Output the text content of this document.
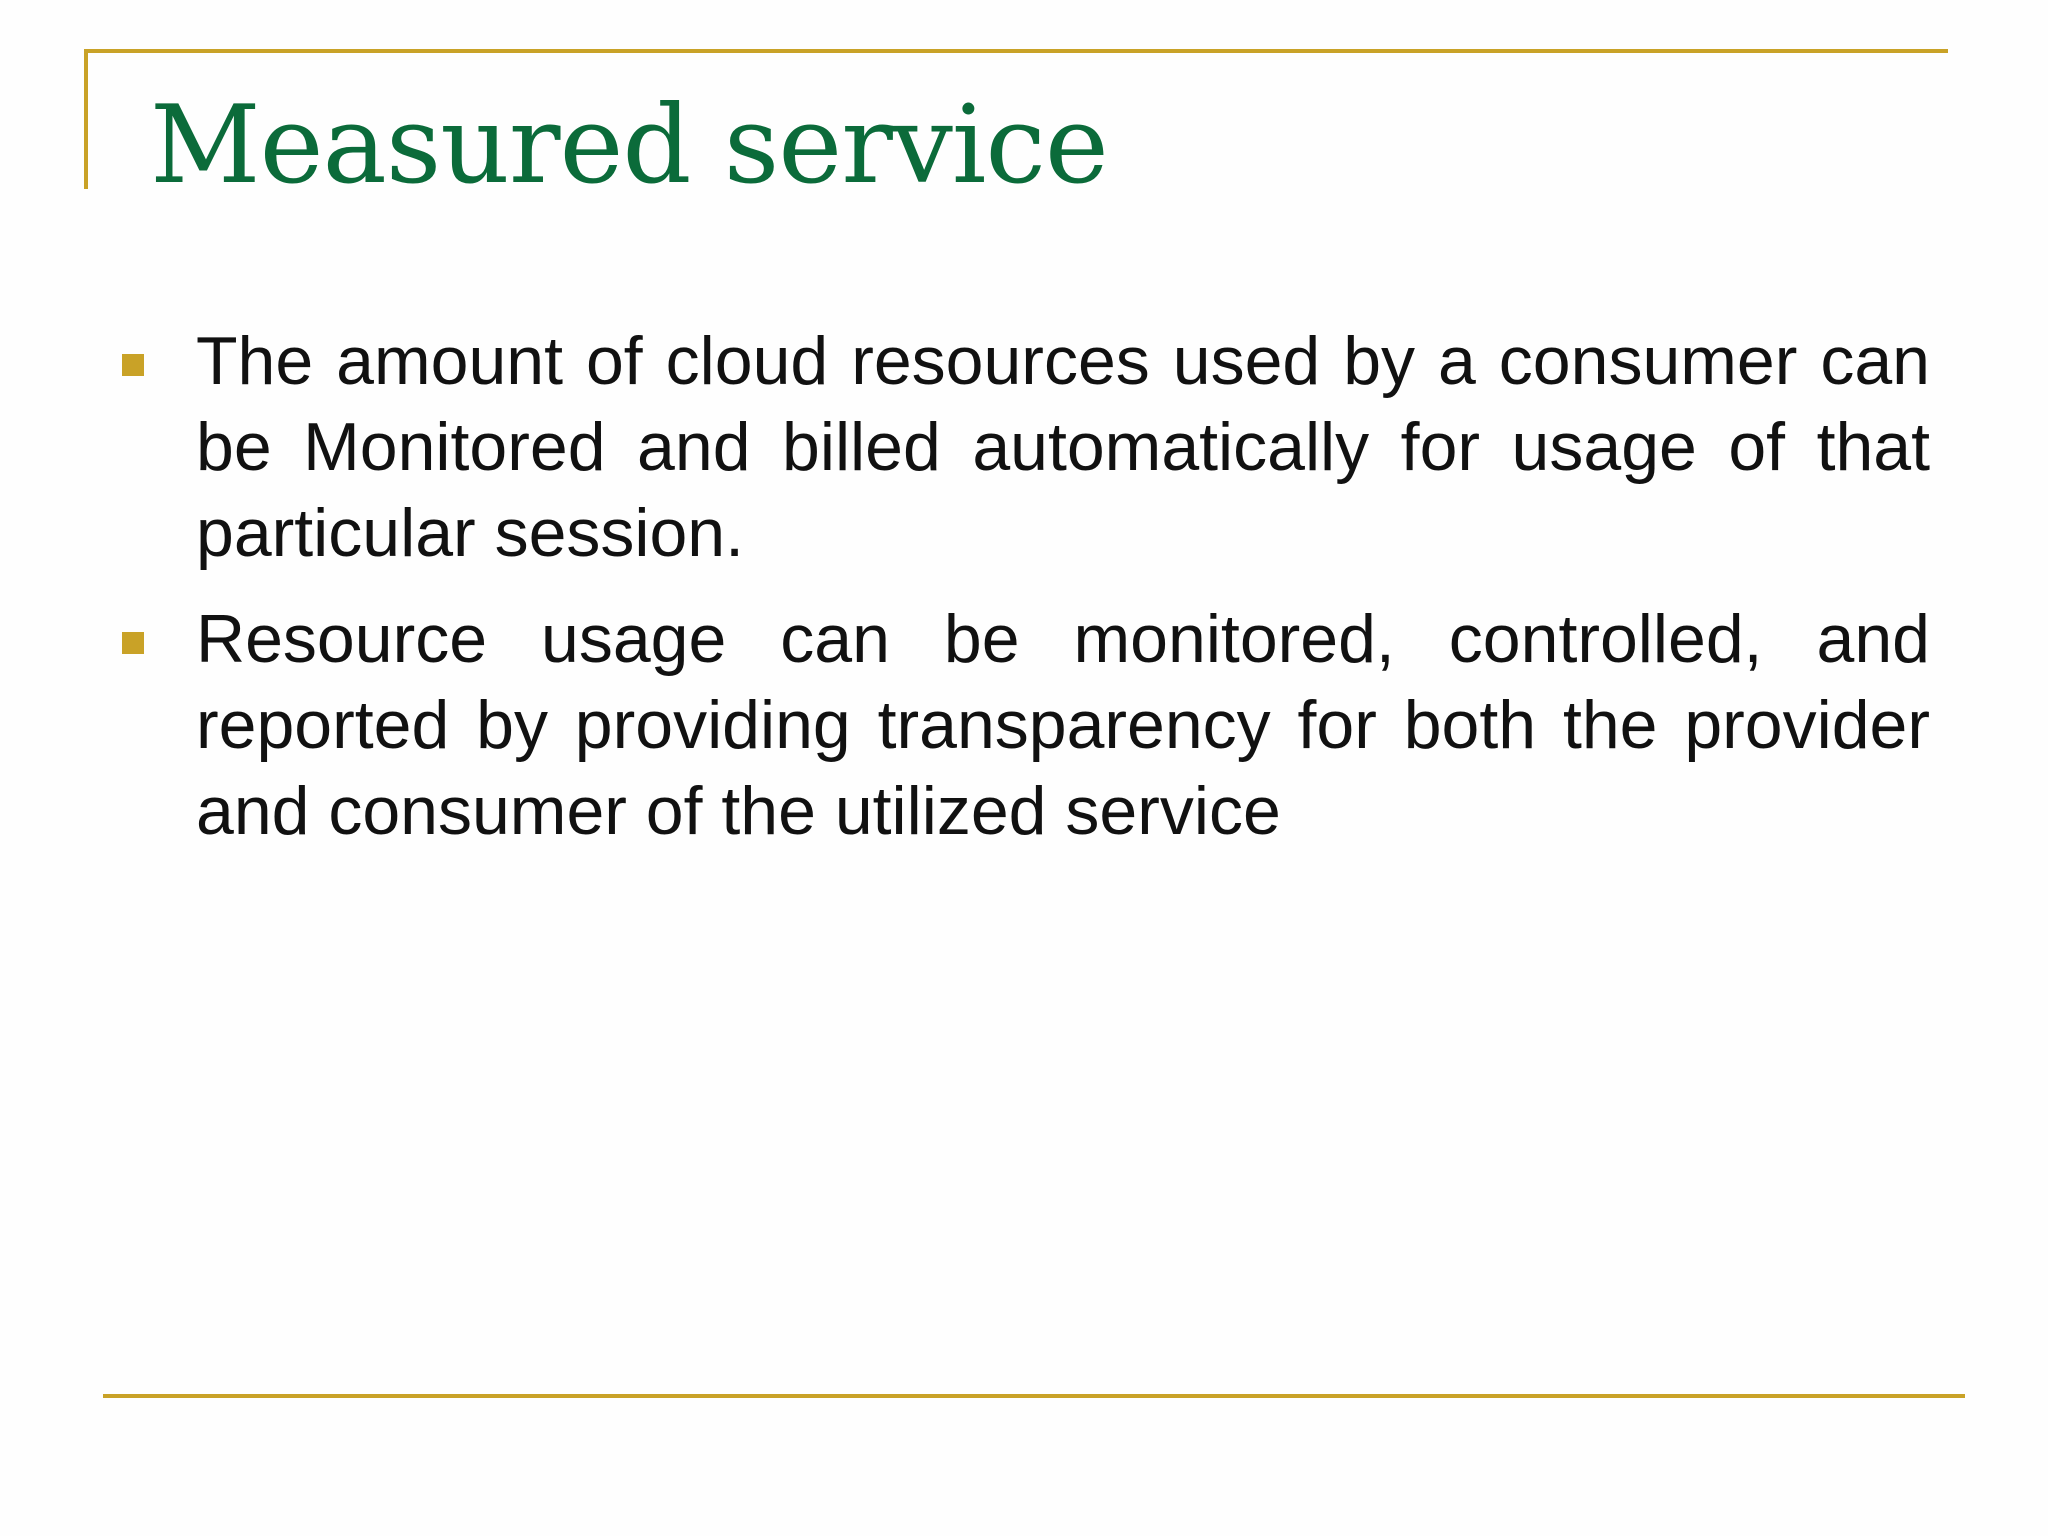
Measured service
The amount of cloud resources used by a consumer can be Monitored and billed automatically for usage of that particular session.
Resource usage can be monitored, controlled, and reported by providing transparency for both the provider and consumer of the utilized service
